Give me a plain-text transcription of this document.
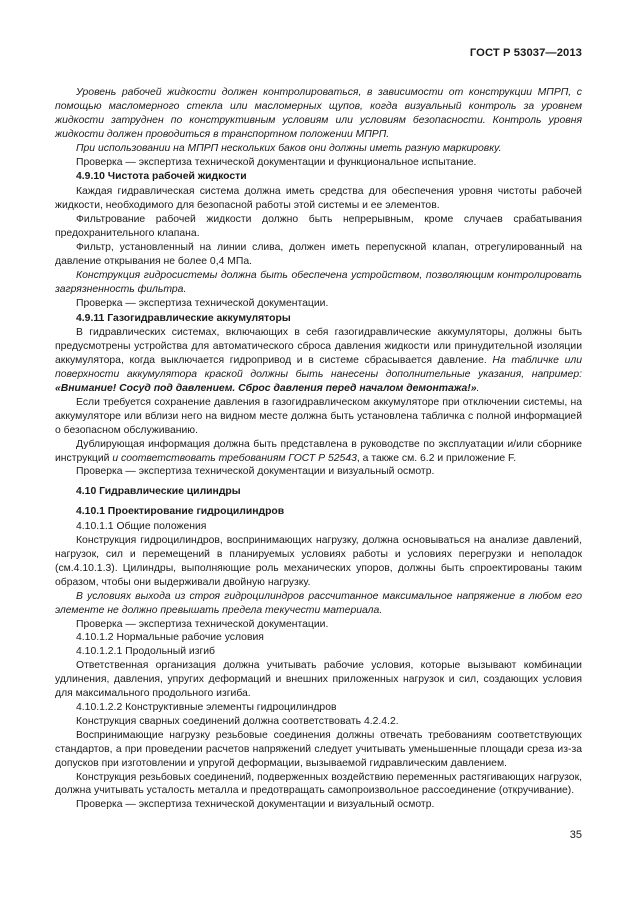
ГОСТ Р 53037—2013

Уровень рабочей жидкости должен контролироваться, в зависимости от конструкции МПРП, с помощью масломерного стекла или масломерных щупов, когда визуальный контроль за уровнем жидкости затруднен по конструктивным условиям или условиям безопасности. Контроль уровня жидкости должен проводиться в транспортном положении МПРП.

При использовании на МПРП нескольких баков они должны иметь разную маркировку.

Проверка — экспертиза технической документации и функциональное испытание.

4.9.10 Чистота рабочей жидкости

Каждая гидравлическая система должна иметь средства для обеспечения уровня чистоты рабочей жидкости, необходимого для безопасной работы этой системы и ее элементов.

Фильтрование рабочей жидкости должно быть непрерывным, кроме случаев срабатывания предохранительного клапана.

Фильтр, установленный на линии слива, должен иметь перепускной клапан, отрегулированный на давление открывания не более 0,4 МПа.

Конструкция гидросистемы должна быть обеспечена устройством, позволяющим контролировать загрязненность фильтра.

Проверка — экспертиза технической документации.

4.9.11 Газогидравлические аккумуляторы

В гидравлических системах, включающих в себя газогидравлические аккумуляторы, должны быть предусмотрены устройства для автоматического сброса давления жидкости или принудительной изоляции аккумулятора, когда выключается гидропривод и в системе сбрасывается давление. На табличке или поверхности аккумулятора краской должны быть нанесены дополнительные указания, например: «Внимание! Сосуд под давлением. Сброс давления перед началом демонтажа!».

Если требуется сохранение давления в газогидравлическом аккумуляторе при отключении системы, на аккумуляторе или вблизи него на видном месте должна быть установлена табличка с полной информацией о безопасном обслуживанию.

Дублирующая информация должна быть представлена в руководстве по эксплуатации и/или сборнике инструкций и соответствовать требованиям ГОСТ Р 52543, а также см. 6.2 и приложение F.

Проверка — экспертиза технической документации и визуальный осмотр.

4.10 Гидравлические цилиндры

4.10.1 Проектирование гидроцилиндров

4.10.1.1 Общие положения

Конструкция гидроцилиндров, воспринимающих нагрузку, должна основываться на анализе давлений, нагрузок, сил и перемещений в планируемых условиях работы и условиях перегрузки и неполадок (см.4.10.1.3). Цилиндры, выполняющие роль механических упоров, должны быть спроектированы таким образом, чтобы они выдерживали двойную нагрузку.

В условиях выхода из строя гидроцилиндров рассчитанное максимальное напряжение в любом его элементе не должно превышать предела текучести материала.

Проверка — экспертиза технической документации.

4.10.1.2 Нормальные рабочие условия

4.10.1.2.1 Продольный изгиб

Ответственная организация должна учитывать рабочие условия, которые вызывают комбинации удлинения, давления, упругих деформаций и внешних приложенных нагрузок и сил, создающих условия для максимального продольного изгиба.

4.10.1.2.2 Конструктивные элементы гидроцилиндров

Конструкция сварных соединений должна соответствовать 4.2.4.2.

Воспринимающие нагрузку резьбовые соединения должны отвечать требованиям соответствующих стандартов, а при проведении расчетов напряжений следует учитывать уменьшенные площади среза из-за допусков при изготовлении и упругой деформации, вызываемой гидравлическим давлением.

Конструкция резьбовых соединений, подверженных воздействию переменных растягивающих нагрузок, должна учитывать усталость металла и предотвращать самопроизвольное рассоединение (откручивание).

Проверка — экспертиза технической документации и визуальный осмотр.

35
